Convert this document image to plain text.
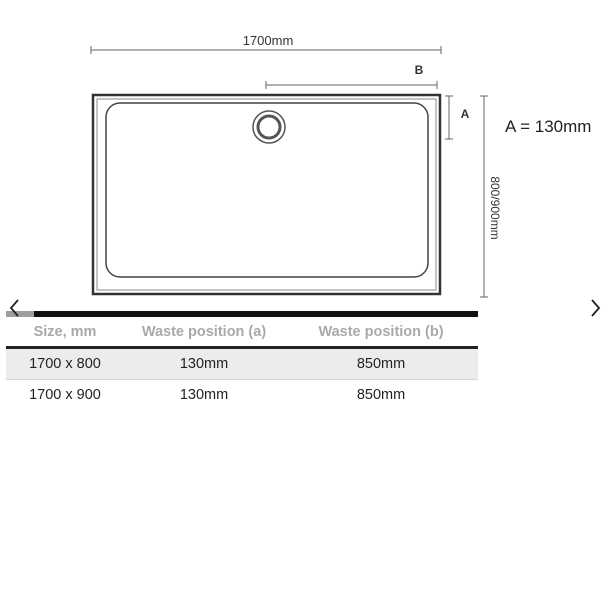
1700mm
B
A
A = 130mm
800/900mm
Size, mm	Waste position (a)	Waste position (b)
1700 x 800	130mm	850mm
1700 x 900	130mm	850mm
